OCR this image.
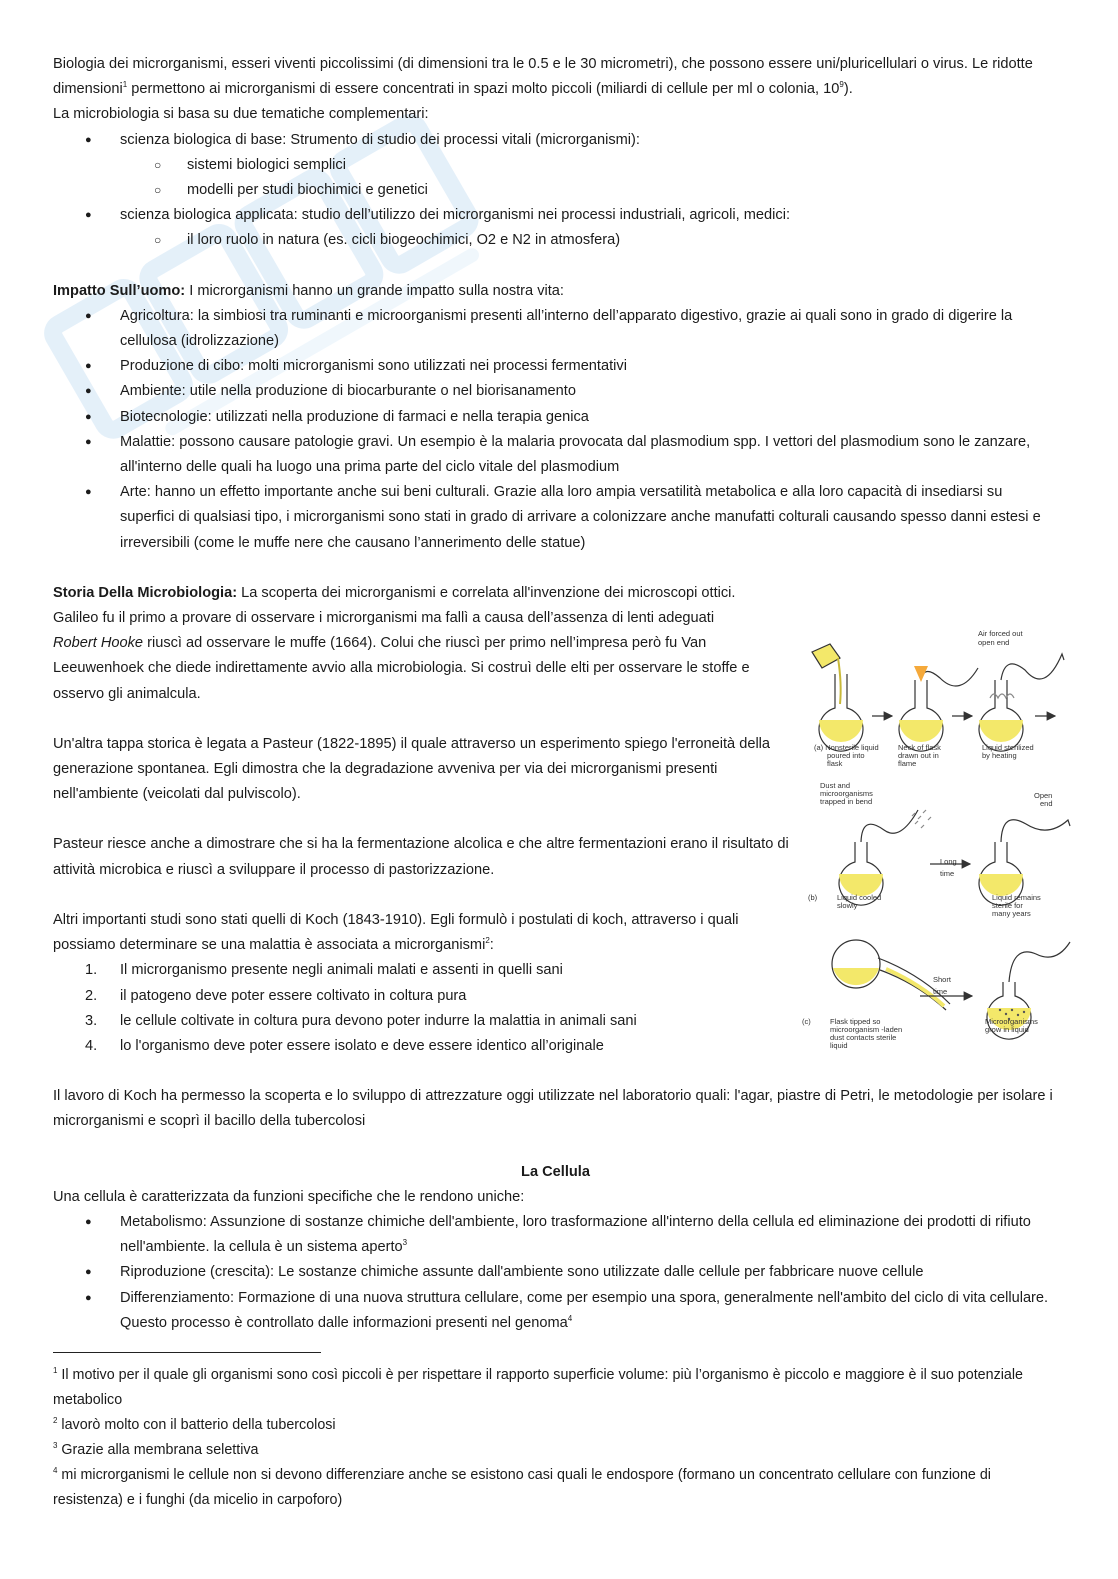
Biologia dei microrganismi, esseri viventi piccolissimi (di dimensioni tra le 0.5 e le 30 micrometri), che possono essere uni/pluricellulari o virus. Le ridotte dimensioni$^1$ permettono ai microrganismi di essere concentrati in spazi molto piccoli (miliardi di cellule per ml o colonia, $10^9$).

La microbiologia si basa su due tematiche complementari:

● scienza biologica di base: Strumento di studio dei processi vitali (microrganismi):
○ sistemi biologici semplici
○ modelli per studi biochimici e genetici
● scienza biologica applicata: studio dell’utilizzo dei microrganismi nei processi industriali, agricoli, medici:
○ il loro ruolo in natura (es. cicli biogeochimici, O2 e N2 in atmosfera)

Impatto Sull’uomo: I microrganismi hanno un grande impatto sulla nostra vita:

● Agricoltura: la simbiosi tra ruminanti e microorganismi presenti all’interno dell’apparato digestivo, grazie ai quali sono in grado di digerire la cellulosa (idrolizzazione)
● Produzione di cibo: molti microrganismi sono utilizzati nei processi fermentativi
● Ambiente: utile nella produzione di biocarburante o nel biorisanamento
● Biotecnologie: utilizzati nella produzione di farmaci e nella terapia genica
● Malattie: possono causare patologie gravi. Un esempio è la malaria provocata dal plasmodium spp. I vettori del plasmodium sono le zanzare, all'interno delle quali ha luogo una prima parte del ciclo vitale del plasmodium
● Arte: hanno un effetto importante anche sui beni culturali. Grazie alla loro ampia versatilità metabolica e alla loro capacità di insediarsi su superfici di qualsiasi tipo, i microrganismi sono stati in grado di arrivare a colonizzare anche manufatti colturali causando spesso danni estesi e irreversibili (come le muffe nere che causano l’annerimento delle statue)

Storia Della Microbiologia: La scoperta dei microrganismi e correlata all'invenzione dei microscopi ottici.

Galileo fu il primo a provare di osservare i microrganismi ma fallì a causa dell’assenza di lenti adeguati

Robert Hooke riuscì ad osservare le muffe (1664). Colui che riuscì per primo nell’impresa però fu Van Leeuwenhoek che diede indirettamente avvio alla microbiologia. Si costruì delle elti per osservare le stoffe e osservo gli animalcula.

Un'altra tappa storica è legata a Pasteur (1822-1895) il quale attraverso un esperimento spiego l'erroneità della generazione spontanea. Egli dimostra che la degradazione avveniva per via dei microrganismi presenti nell'ambiente (veicolati dal pulviscolo).

Pasteur riesce anche a dimostrare che si ha la fermentazione alcolica e che altre fermentazioni erano il risultato di attività microbica e riuscì a sviluppare il processo di pastorizzazione.

Altri importanti studi sono stati quelli di Koch (1843-1910). Egli formulò i postulati di koch, attraverso i quali possiamo determinare se una malattia è associata a microrganismi$^2$:

1. Il microrganismo presente negli animali malati e assenti in quelli sani
2. il patogeno deve poter essere coltivato in coltura pura
3. le cellule coltivate in coltura pura devono poter indurre la malattia in animali sani
4. lo l'organismo deve poter essere isolato e deve essere identico all’originale

Il lavoro di Koch ha permesso la scoperta e lo sviluppo di attrezzature oggi utilizzate nel laboratorio quali: l'agar, piastre di Petri, le metodologie per isolare i microrganismi e scoprì il bacillo della tubercolosi

La Cellula

Una cellula è caratterizzata da funzioni specifiche che le rendono uniche:

● Metabolismo: Assunzione di sostanze chimiche dell'ambiente, loro trasformazione all'interno della cellula ed eliminazione dei prodotti di rifiuto nell'ambiente. la cellula è un sistema aperto$^3$
● Riproduzione (crescita): Le sostanze chimiche assunte dall'ambiente sono utilizzate dalle cellule per fabbricare nuove cellule
● Differenziamento: Formazione di una nuova struttura cellulare, come per esempio una spora, generalmente nell'ambito del ciclo di vita cellulare. Questo processo è controllato dalle informazioni presenti nel genoma$^4$
Air forced out
open end
(a) Nonsterile liquid
poured into
flask
Neck of flask
drawn out in
flame
Liquid sterilized
by heating
Dust and
microorganisms
trapped in bend
Open
end
Long
time
(b)	Liquid cooled
slowly
Liquid remains
sterile for
many years
Short
time
(c)	Flask tipped so
microorganism -laden
dust contacts sterile
liquid
Microorganisms
grow in liquid

$^1$ Il motivo per il quale gli organismi sono così piccoli è per rispettare il rapporto superficie volume: più l’organismo è piccolo e maggiore è il suo potenziale metabolico

$^2$ lavorò molto con il batterio della tubercolosi

$^3$ Grazie alla membrana selettiva

$^4$ mi microrganismi le cellule non si devono differenziare anche se esistono casi quali le endospore (formano un concentrato cellulare con funzione di resistenza) e i funghi (da micelio in carpoforo)
